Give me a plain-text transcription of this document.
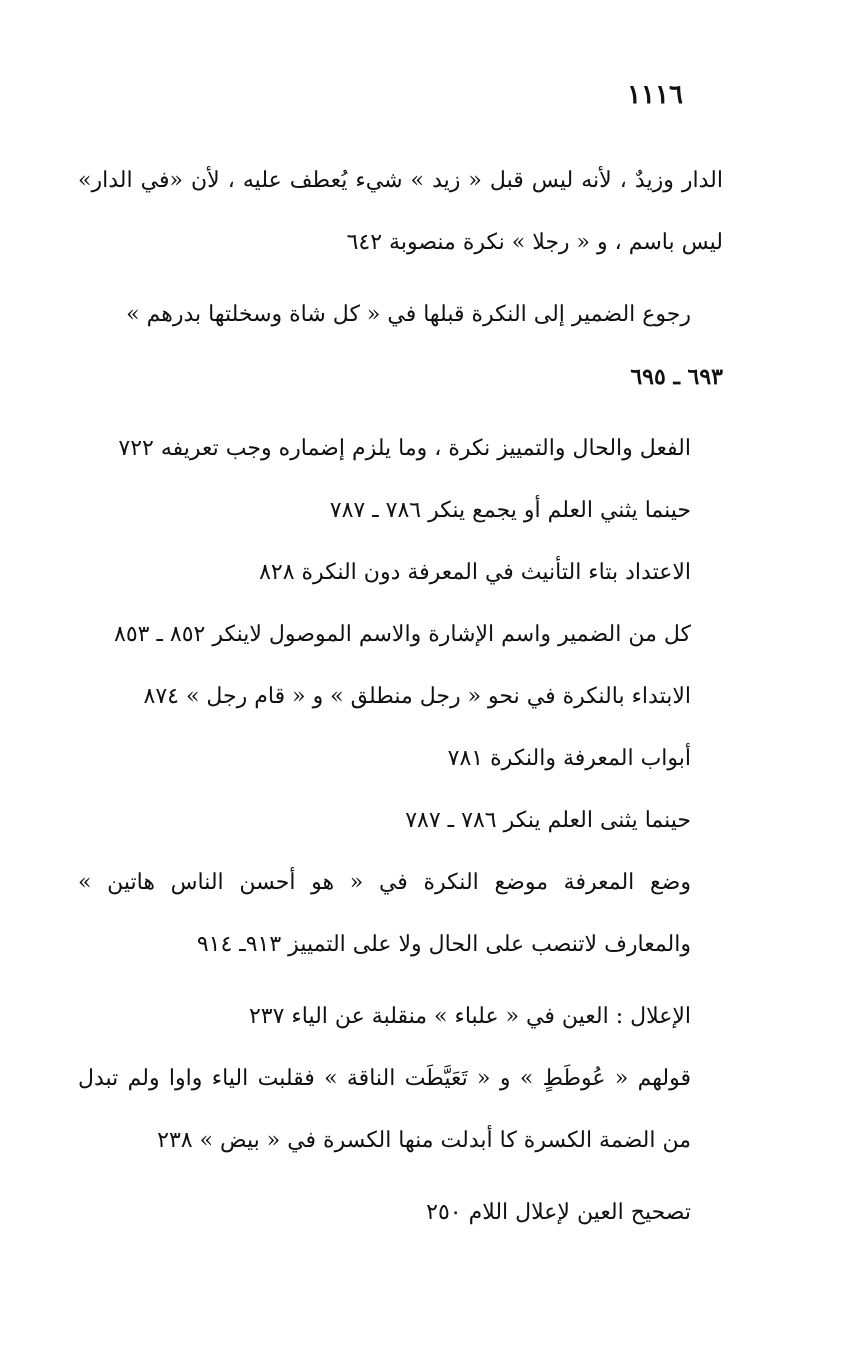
١١١٦

الدار وزيدٌ ، لأنه ليس قبل « زيد » شيء يُعطف عليه ، لأن «في الدار» ليس باسم ، و « رجلا » نكرة منصوبة ٦٤٢

رجوع الضمير إلى النكرة قبلها في « كل شاة وسخلتها بدرهم »

٦٩٣ ـ ٦٩٥

الفعل والحال والتمييز نكرة ، وما يلزم إضماره وجب تعريفه ٧٢٢

حينما يثني العلم أو يجمع ينكر ٧٨٦ ـ ٧٨٧

الاعتداد بتاء التأنيث في المعرفة دون النكرة ٨٢٨

كل من الضمير واسم الإشارة والاسم الموصول لاينكر ٨٥٢ ـ ٨٥٣

الابتداء بالنكرة في نحو « رجل منطلق » و « قام رجل » ٨٧٤

أبواب المعرفة والنكرة ٧٨١

حينما يثنى العلم ينكر ٧٨٦ ـ ٧٨٧

وضع المعرفة موضع النكرة في « هو أحسن الناس هاتين » والمعارف لاتنصب على الحال ولا على التمييز ٩١٣ـ ٩١٤

الإعلال : العين في « علباء » منقلبة عن الياء ٢٣٧

قولهم « عُوطَطٍ » و « تَعَيَّطَت الناقة » فقلبت الياء واوا ولم تبدل من الضمة الكسرة كا أبدلت منها الكسرة في « بيض » ٢٣٨

تصحيح العين لإعلال اللام ٢٥٠
